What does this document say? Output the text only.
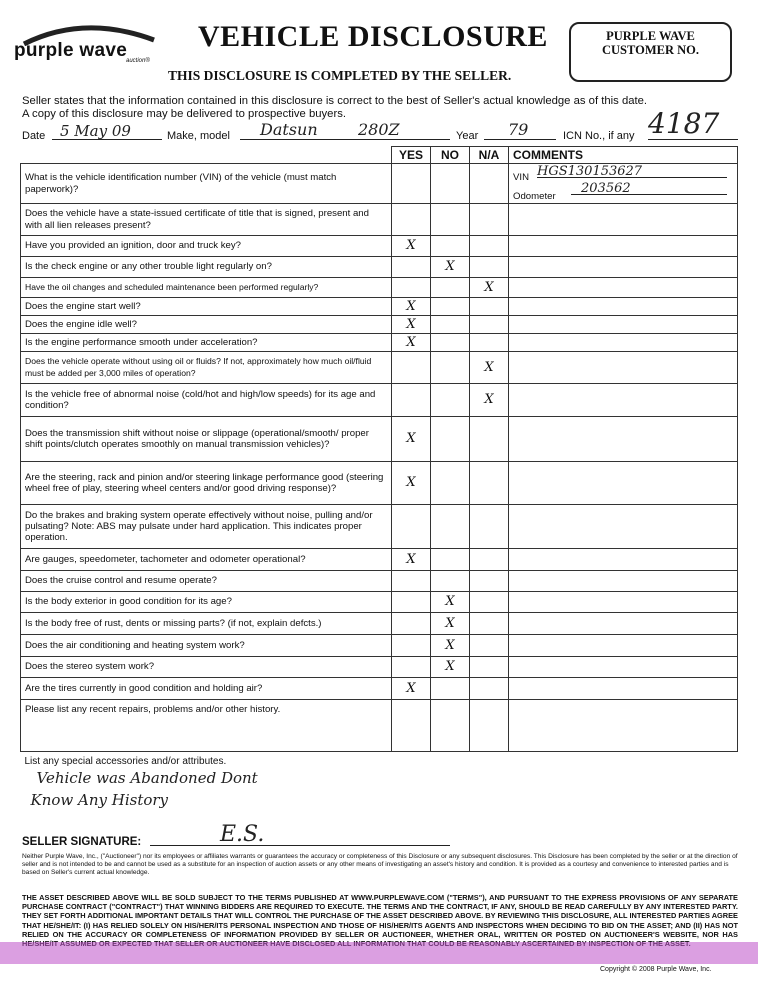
purple wave
auction®
VEHICLE DISCLOSURE
THIS DISCLOSURE IS COMPLETED BY THE SELLER.
PURPLE WAVE CUSTOMER NO.
Seller states that the information contained in this disclosure is correct to the best of Seller's actual knowledge as of this date.
A copy of this disclosure may be delivered to prospective buyers.
Date 5 May 09	Make, model Datsun	280Z	Year	79	ICN No., if any 4187
	YES	NO	N/A	COMMENTS
What is the vehicle identification number (VIN) of the vehicle (must match paperwork)?				VIN HGS130153627
Odometer
203562

Does the vehicle have a state-issued certificate of title that is signed, present and with all lien releases present?				
Have you provided an ignition, door and truck key?	X			
Is the check engine or any other trouble light regularly on?		X		
Have the oil changes and scheduled maintenance been performed regularly?			X	
Does the engine start well?	X			
Does the engine idle well?	X			
Is the engine performance smooth under acceleration?	X			
Does the vehicle operate without using oil or fluids? If not, approximately how much oil/fluid must be added per 3,000 miles of operation?			X	
Is the vehicle free of abnormal noise (cold/hot and high/low speeds) for its age and condition?			X	
Does the transmission shift without noise or slippage (operational/smooth/ proper shift points/clutch operates smoothly on manual transmission vehicles)?	X			
Are the steering, rack and pinion and/or steering linkage performance good (steering wheel free of play, steering wheel centers and/or good driving response)?	X			
Do the brakes and braking system operate effectively without noise, pulling and/or pulsating? Note: ABS may pulsate under hard application. This indicates proper operation.				
Are gauges, speedometer, tachometer and odometer operational?	X			
Does the cruise control and resume operate?				
Is the body exterior in good condition for its age?		X		
Is the body free of rust, dents or missing parts? (if not, explain defcts.)		X		
Does the air conditioning and heating system work?		X		
Does the stereo system work?		X		
Are the tires currently in good condition and holding air?	X			
Please list any recent repairs, problems and/or other history.				

List any special accessories and/or attributes.
Vehicle was Abandoned Dont
Know Any History				
SELLER SIGNATURE:	E.S.
Neither Purple Wave, Inc., ("Auctioneer") nor its employees or affiliates warrants or guarantees the accuracy or completeness of this Disclosure or any subsequent disclosures. This Disclosure has been completed by the seller or at the direction of seller and is not intended to be and cannot be used as a substitute for an inspection of auction assets or any other means of investigating an asset's history and condition. It is provided as a courtesy and convenience to interested parties and is based on Seller's current actual knowledge.
THE ASSET DESCRIBED ABOVE WILL BE SOLD SUBJECT TO THE TERMS PUBLISHED AT WWW.PURPLEWAVE.COM ("TERMS"), AND PURSUANT TO THE EXPRESS PROVISIONS OF ANY SEPARATE PURCHASE CONTRACT ("CONTRACT") THAT WINNING BIDDERS ARE REQUIRED TO EXECUTE. THE TERMS AND THE CONTRACT, IF ANY, SHOULD BE READ CAREFULLY BY ANY INTERESTED PARTY. THEY SET FORTH ADDITIONAL IMPORTANT DETAILS THAT WILL CONTROL THE PURCHASE OF THE ASSET DESCRIBED ABOVE. BY REVIEWING THIS DISCLOSURE, ALL INTERESTED PARTIES AGREE THAT HE/SHE/IT: (I) HAS RELIED SOLELY ON HIS/HER/ITS PERSONAL INSPECTION AND THOSE OF HIS/HER/ITS AGENTS AND INSPECTORS WHEN DECIDING TO BID ON THE ASSET; AND (II) HAS NOT RELIED ON THE ACCURACY OR COMPLETENESS OF INFORMATION PROVIDED BY SELLER OR AUCTIONEER, WHETHER ORAL, WRITTEN OR POSTED ON AUCTIONEER'S WEBSITE, NOR HAS
Copyright © 2008 Purple Wave, Inc.
